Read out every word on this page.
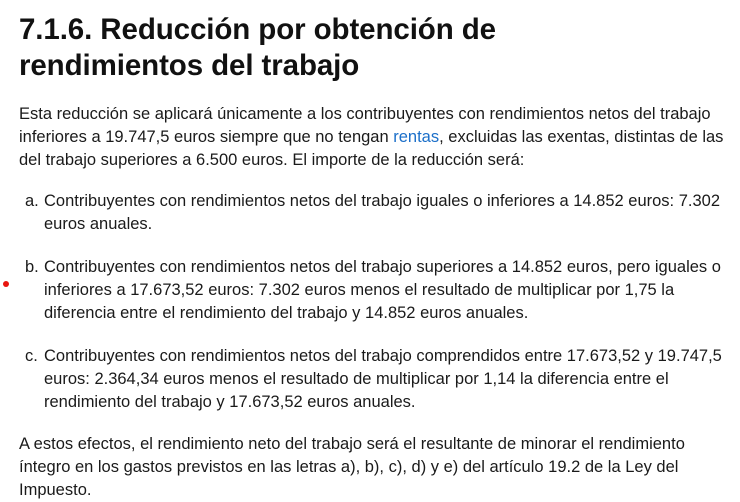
7.1.6. Reducción por obtención de
rendimientos del trabajo

Esta reducción se aplicará únicamente a los contribuyentes con rendimientos netos del trabajo inferiores a 19.747,5 euros siempre que no tengan rentas, excluidas las exentas, distintas de las del trabajo superiores a 6.500 euros. El importe de la reducción será:

a. Contribuyentes con rendimientos netos del trabajo iguales o inferiores a 14.852 euros: 7.302 euros anuales.
b. Contribuyentes con rendimientos netos del trabajo superiores a 14.852 euros, pero iguales o inferiores a 17.673,52 euros: 7.302 euros menos el resultado de multiplicar por 1,75 la diferencia entre el rendimiento del trabajo y 14.852 euros anuales.
c. Contribuyentes con rendimientos netos del trabajo comprendidos entre 17.673,52 y 19.747,5 euros: 2.364,34 euros menos el resultado de multiplicar por 1,14 la diferencia entre el rendimiento del trabajo y 17.673,52 euros anuales.

A estos efectos, el rendimiento neto del trabajo será el resultante de minorar el rendimiento íntegro en los gastos previstos en las letras a), b), c), d) y e) del artículo 19.2 de la Ley del Impuesto.
